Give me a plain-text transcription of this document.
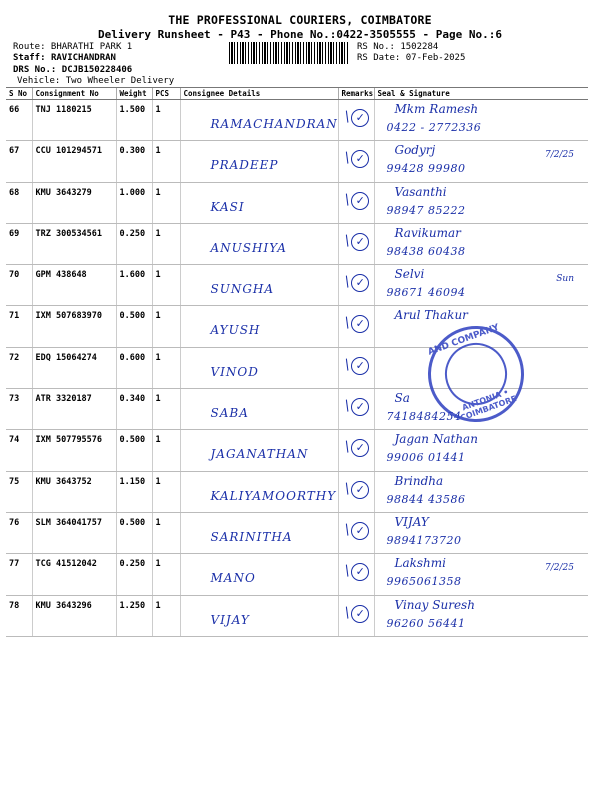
THE PROFESSIONAL COURIERS, COIMBATORE
Delivery Runsheet - P43 - Phone No.:0422-3505555 - Page No.:6
Route: BHARATHI PARK 1
Staff: RAVICHANDRAN
DRS No.: DCJB150228406
Vehicle: Two Wheeler Delivery
RS No.: 1502284
RS Date: 07-Feb-2025
S No	Consignment No	Weight	PCS	Consignee Details	Remarks	Seal & Signature
66	TNJ 1180215	1.500	1	RAMACHANDRAN	/ ✓	Mkm Ramesh
0422 - 2772336

67	CCU 101294571	0.300	1	PRADEEP	/ ✓	Godyrj
99428 99980
7/2/25

68	KMU 3643279	1.000	1	KASI	/ ✓	Vasanthi
98947 85222

69	TRZ 300534561	0.250	1	ANUSHIYA	/ ✓	Ravikumar
98438 60438

70	GPM 438648	1.600	1	SUNGHA	/ ✓	Selvi
98671 46094
Sun

71	IXM 507683970	0.500	1	AYUSH	/ ✓	Arul Thakur

72	EDQ 15064274	0.600	1	VINOD	/ ✓	

73	ATR 3320187	0.340	1	SABA	/ ✓	Sa
7418484254

74	IXM 507795576	0.500	1	JAGANATHAN	/ ✓	Jagan Nathan
99006 01441

75	KMU 3643752	1.150	1	KALIYAMOORTHY	/ ✓	Brindha
98844 43586

76	SLM 364041757	0.500	1	SARINITHA	/ ✓	VIJAY
9894173720

77	TCG 41512042	0.250	1	MANO	/ ✓	Lakshmi
9965061358
7/2/25

78	KMU 3643296	1.250	1	VIJAY	/ ✓	Vinay Suresh
96260 56441
AND COMPANY
ANTONIA • COIMBATORE
